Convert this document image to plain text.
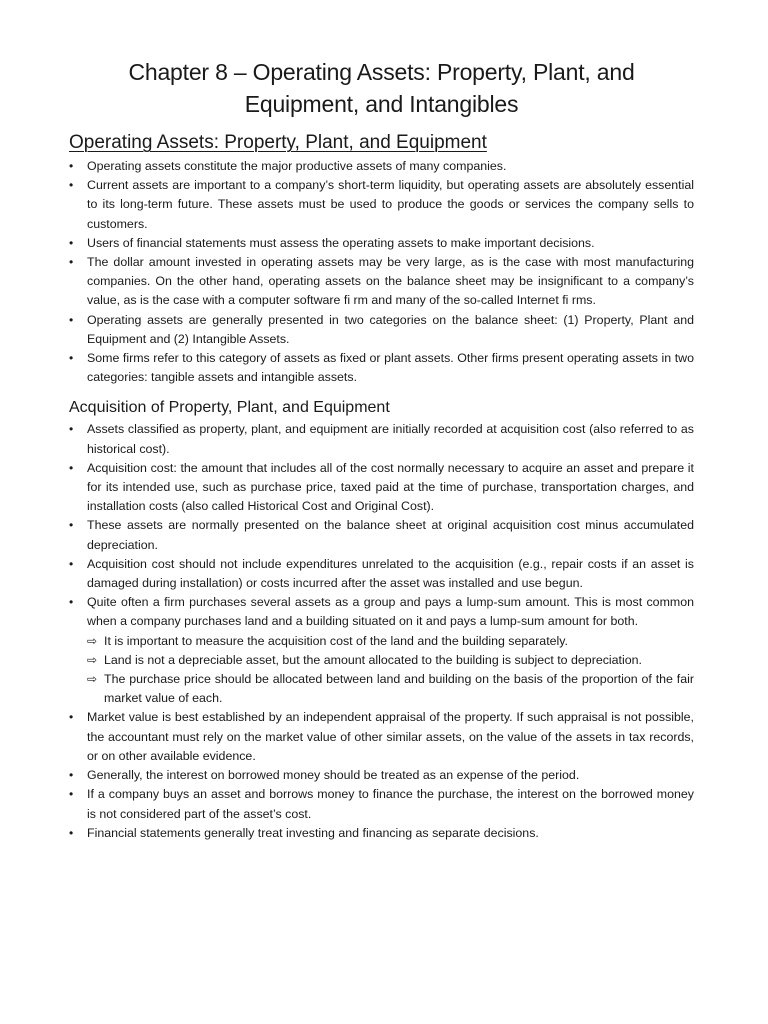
Chapter 8 – Operating Assets: Property, Plant, and Equipment, and Intangibles
Operating Assets: Property, Plant, and Equipment
• Operating assets constitute the major productive assets of many companies.
• Current assets are important to a company’s short-term liquidity, but operating assets are absolutely essential to its long-term future. These assets must be used to produce the goods or services the company sells to customers.
• Users of financial statements must assess the operating assets to make important decisions.
• The dollar amount invested in operating assets may be very large, as is the case with most manufacturing companies. On the other hand, operating assets on the balance sheet may be insignificant to a company’s value, as is the case with a computer software fi rm and many of the so-called Internet fi rms.
• Operating assets are generally presented in two categories on the balance sheet: (1) Property, Plant and Equipment and (2) Intangible Assets.
• Some firms refer to this category of assets as fixed or plant assets. Other firms present operating assets in two categories: tangible assets and intangible assets.
Acquisition of Property, Plant, and Equipment
• Assets classified as property, plant, and equipment are initially recorded at acquisition cost (also referred to as historical cost).
• Acquisition cost: the amount that includes all of the cost normally necessary to acquire an asset and prepare it for its intended use, such as purchase price, taxed paid at the time of purchase, transportation charges, and installation costs (also called Historical Cost and Original Cost).
• These assets are normally presented on the balance sheet at original acquisition cost minus accumulated depreciation.
• Acquisition cost should not include expenditures unrelated to the acquisition (e.g., repair costs if an asset is damaged during installation) or costs incurred after the asset was installed and use begun.
• Quite often a firm purchases several assets as a group and pays a lump-sum amount. This is most common when a company purchases land and a building situated on it and pays a lump-sum amount for both.
⇨ It is important to measure the acquisition cost of the land and the building separately.
⇨ Land is not a depreciable asset, but the amount allocated to the building is subject to depreciation.
⇨ The purchase price should be allocated between land and building on the basis of the proportion of the fair market value of each.
• Market value is best established by an independent appraisal of the property. If such appraisal is not possible, the accountant must rely on the market value of other similar assets, on the value of the assets in tax records, or on other available evidence.
• Generally, the interest on borrowed money should be treated as an expense of the period.
• If a company buys an asset and borrows money to finance the purchase, the interest on the borrowed money is not considered part of the asset’s cost.
• Financial statements generally treat investing and financing as separate decisions.
